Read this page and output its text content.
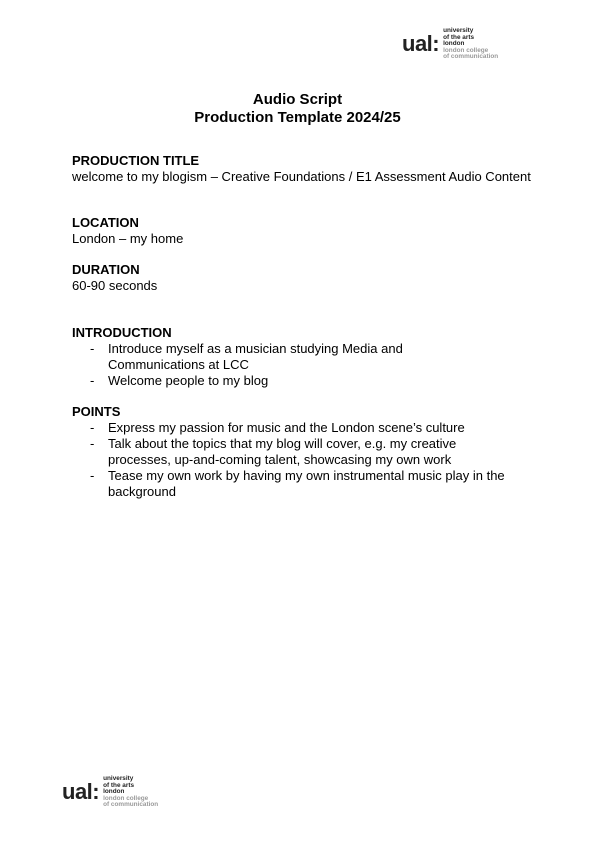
ual:
university
of the arts
london
london college
of communication
Audio Script
Production Template 2024/25
PRODUCTION TITLE
welcome to my blogism – Creative Foundations / E1 Assessment Audio Content
LOCATION
London – my home
DURATION
60-90 seconds
INTRODUCTION
- Introduce myself as a musician studying Media and Communications at LCC
- Welcome people to my blog
POINTS
- Express my passion for music and the London scene’s culture
- Talk about the topics that my blog will cover, e.g. my creative processes, up-and-coming talent, showcasing my own work
- Tease my own work by having my own instrumental music play in the background
ual:
university
of the arts
london
london college
of communication
